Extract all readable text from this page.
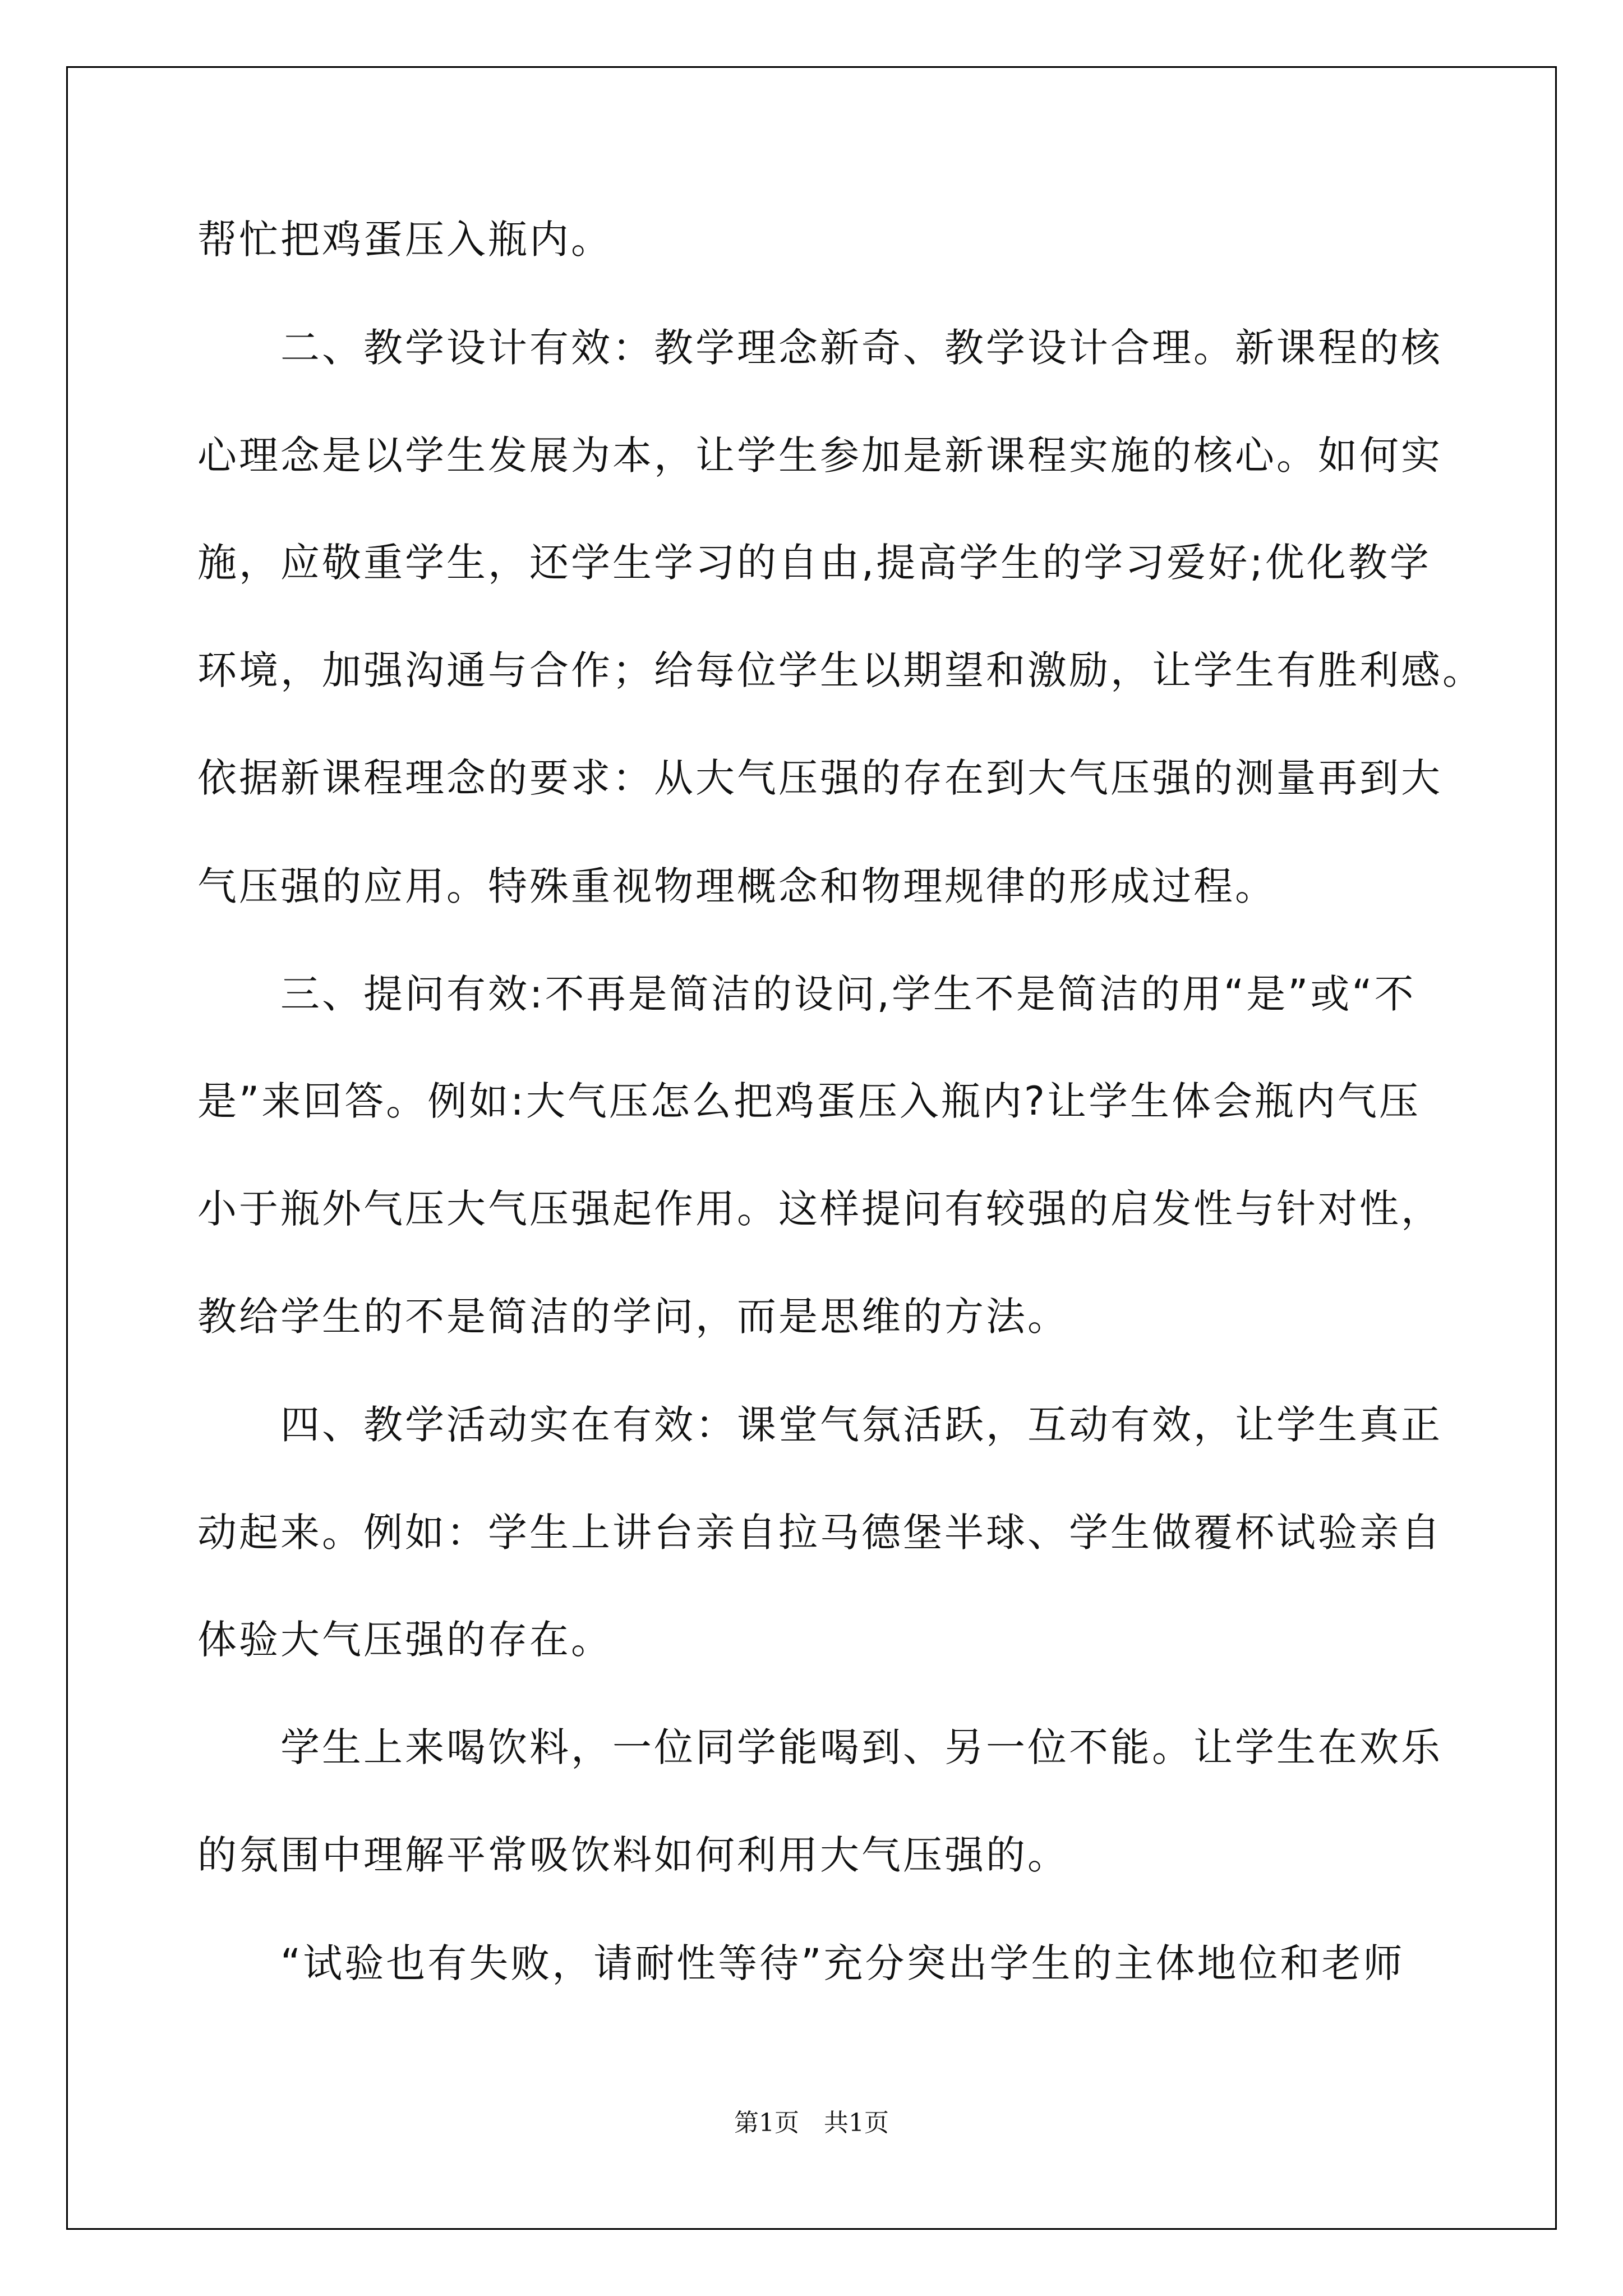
帮忙把鸡蛋压入瓶内。

二、教学设计有效：教学理念新奇、教学设计合理。新课程的核

心理念是以学生发展为本，让学生参加是新课程实施的核心。如何实

施，应敬重学生，还学生学习的自由,提高学生的学习爱好;优化教学

环境，加强沟通与合作；给每位学生以期望和激励，让学生有胜利感。

依据新课程理念的要求：从大气压强的存在到大气压强的测量再到大

气压强的应用。特殊重视物理概念和物理规律的形成过程。

三、提问有效:不再是简洁的设问,学生不是简洁的用“是”或“不

是”来回答。例如:大气压怎么把鸡蛋压入瓶内?让学生体会瓶内气压

小于瓶外气压大气压强起作用。这样提问有较强的启发性与针对性，

教给学生的不是简洁的学问，而是思维的方法。

四、教学活动实在有效：课堂气氛活跃，互动有效，让学生真正

动起来。例如：学生上讲台亲自拉马德堡半球、学生做覆杯试验亲自

体验大气压强的存在。

学生上来喝饮料，一位同学能喝到、另一位不能。让学生在欢乐

的氛围中理解平常吸饮料如何利用大气压强的。

“试验也有失败，请耐性等待”充分突出学生的主体地位和老师

第1页　共1页
